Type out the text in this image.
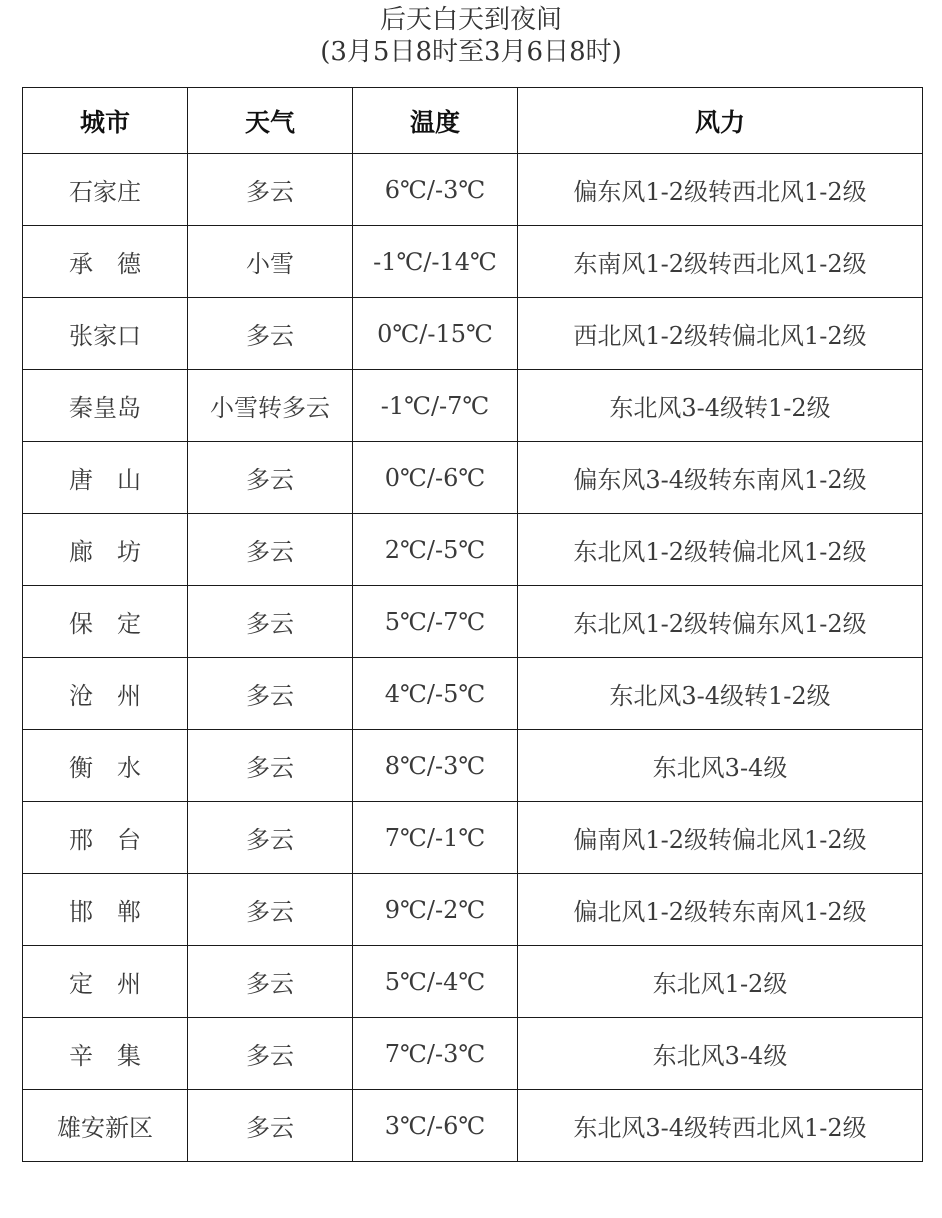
后天白天到夜间
(3月5日8时至3月6日8时)
城市	天气	温度	风力
石家庄	多云	6℃/-3℃	偏东风1-2级转西北风1-2级
承　德	小雪	-1℃/-14℃	东南风1-2级转西北风1-2级
张家口	多云	0℃/-15℃	西北风1-2级转偏北风1-2级
秦皇岛	小雪转多云	-1℃/-7℃	东北风3-4级转1-2级
唐　山	多云	0℃/-6℃	偏东风3-4级转东南风1-2级
廊　坊	多云	2℃/-5℃	东北风1-2级转偏北风1-2级
保　定	多云	5℃/-7℃	东北风1-2级转偏东风1-2级
沧　州	多云	4℃/-5℃	东北风3-4级转1-2级
衡　水	多云	8℃/-3℃	东北风3-4级
邢　台	多云	7℃/-1℃	偏南风1-2级转偏北风1-2级
邯　郸	多云	9℃/-2℃	偏北风1-2级转东南风1-2级
定　州	多云	5℃/-4℃	东北风1-2级
辛　集	多云	7℃/-3℃	东北风3-4级
雄安新区	多云	3℃/-6℃	东北风3-4级转西北风1-2级
